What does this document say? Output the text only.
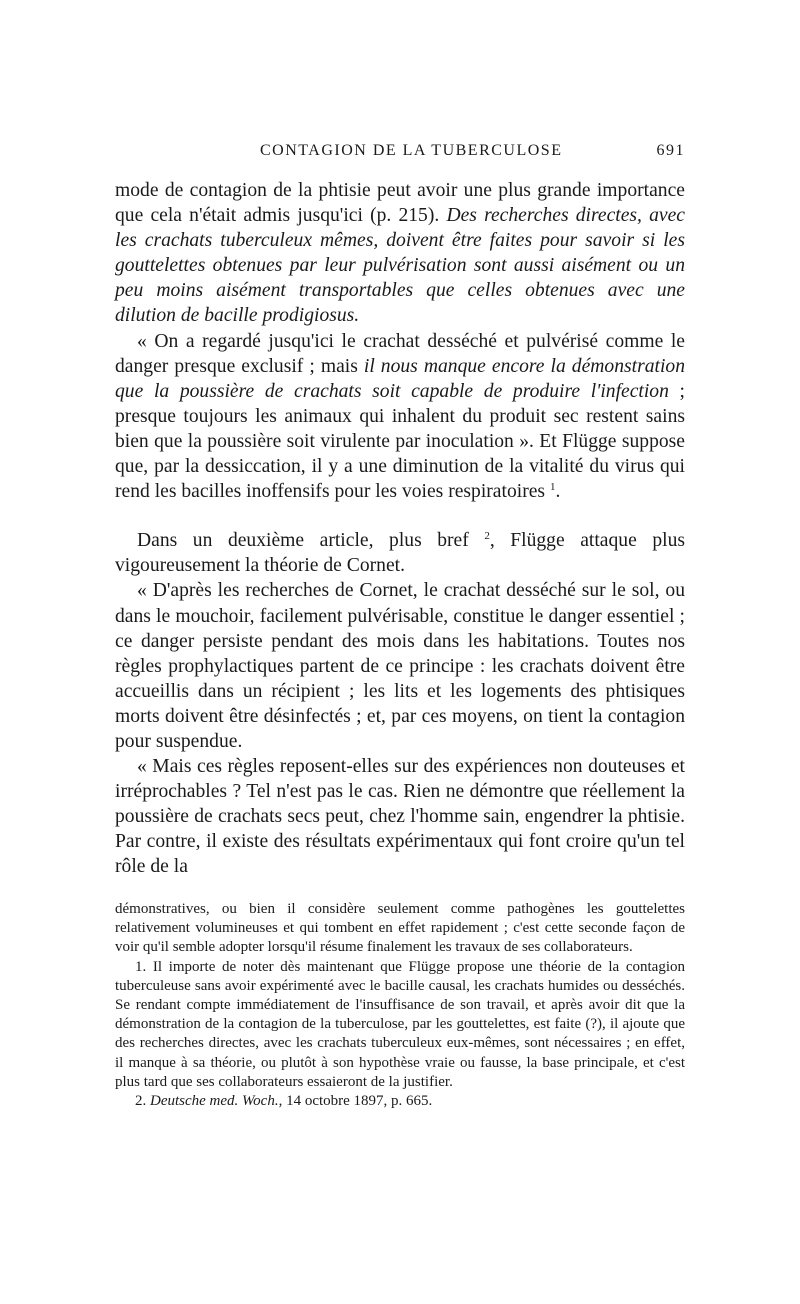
CONTAGION DE LA TUBERCULOSE	691

mode de contagion de la phtisie peut avoir une plus grande importance que cela n'était admis jusqu'ici (p. 215). Des recherches directes, avec les crachats tuberculeux mêmes, doivent être faites pour savoir si les gouttelettes obtenues par leur pulvérisation sont aussi aisément ou un peu moins aisément transportables que celles obtenues avec une dilution de bacille prodigiosus.

« On a regardé jusqu'ici le crachat desséché et pulvérisé comme le danger presque exclusif ; mais il nous manque encore la démonstration que la poussière de crachats soit capable de produire l'infection ; presque toujours les animaux qui inhalent du produit sec restent sains bien que la poussière soit virulente par inoculation ». Et Flügge suppose que, par la dessiccation, il y a une diminution de la vitalité du virus qui rend les bacilles inoffensifs pour les voies respiratoires $^1$.

Dans un deuxième article, plus bref $^2$, Flügge attaque plus vigoureusement la théorie de Cornet.

« D'après les recherches de Cornet, le crachat desséché sur le sol, ou dans le mouchoir, facilement pulvérisable, constitue le danger essentiel ; ce danger persiste pendant des mois dans les habitations. Toutes nos règles prophylactiques partent de ce principe : les crachats doivent être accueillis dans un récipient ; les lits et les logements des phtisiques morts doivent être désinfectés ; et, par ces moyens, on tient la contagion pour suspendue.

« Mais ces règles reposent-elles sur des expériences non douteuses et irréprochables ? Tel n'est pas le cas. Rien ne démontre que réellement la poussière de crachats secs peut, chez l'homme sain, engendrer la phtisie. Par contre, il existe des résultats expérimentaux qui font croire qu'un tel rôle de la

démonstratives, ou bien il considère seulement comme pathogènes les gouttelettes relativement volumineuses et qui tombent en effet rapidement ; c'est cette seconde façon de voir qu'il semble adopter lorsqu'il résume finalement les travaux de ses collaborateurs.

1. Il importe de noter dès maintenant que Flügge propose une théorie de la contagion tuberculeuse sans avoir expérimenté avec le bacille causal, les crachats humides ou desséchés. Se rendant compte immédiatement de l'insuffisance de son travail, et après avoir dit que la démonstration de la contagion de la tuberculose, par les gouttelettes, est faite (?), il ajoute que des recherches directes, avec les crachats tuberculeux eux-mêmes, sont nécessaires ; en effet, il manque à sa théorie, ou plutôt à son hypothèse vraie ou fausse, la base principale, et c'est plus tard que ses collaborateurs essaieront de la justifier.

2. Deutsche med. Woch., 14 octobre 1897, p. 665.
